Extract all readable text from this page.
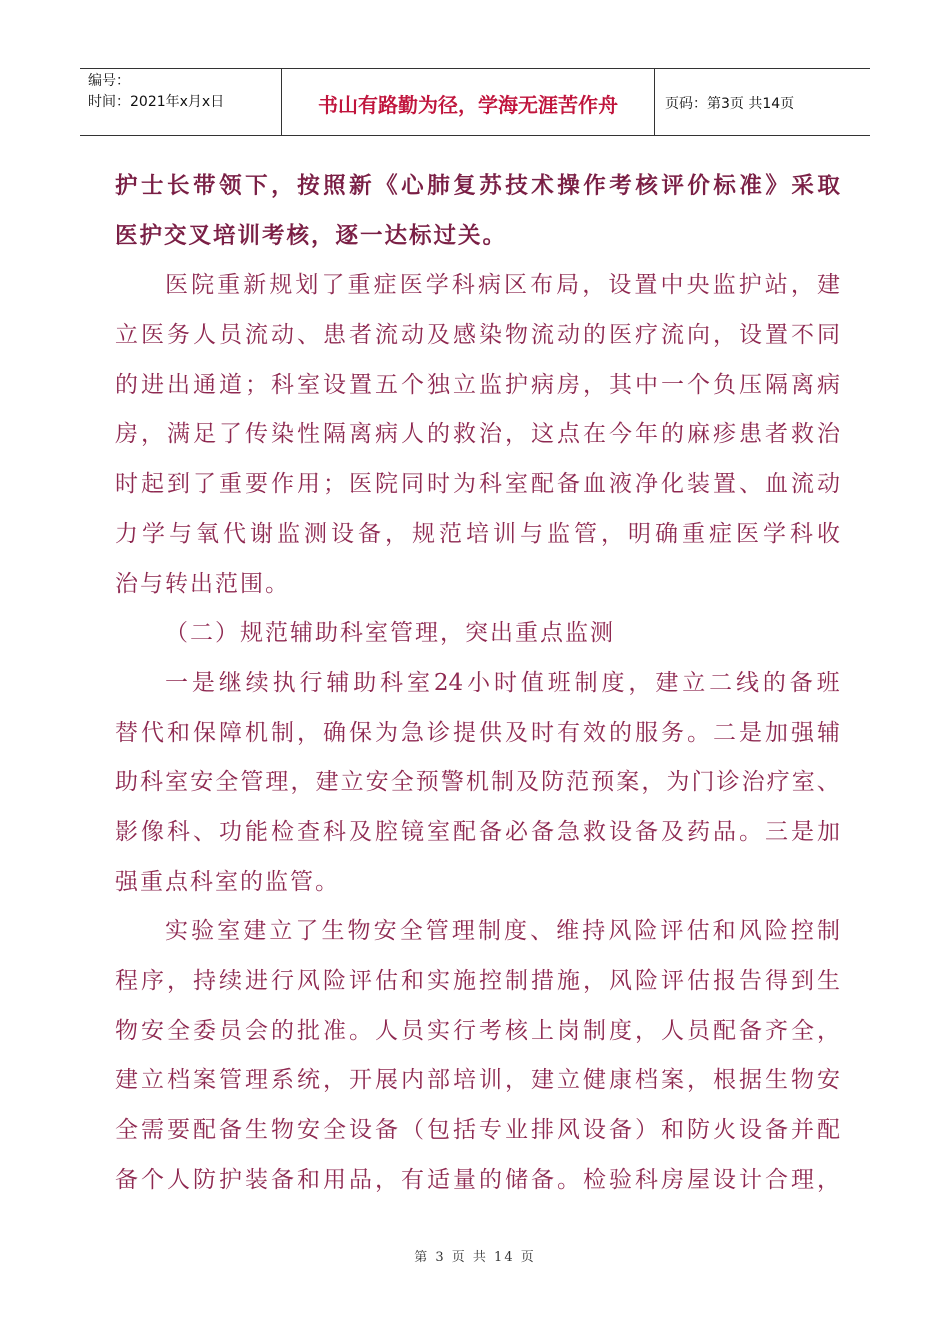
编号：
时间：2021年x月x日	书山有路勤为径，学海无涯苦作舟	页码：第3页 共14页
护 士 长 带 领 下 ， 按 照 新 《 心 肺 复 苏 技 术 操 作 考 核 评 价 标 准 》 采 取
医护交叉培训考核，逐一达标过关。
医 院 重 新 规 划 了 重 症 医 学 科 病 区 布 局 ， 设 置 中 央 监 护 站 ， 建
立 医 务 人 员 流 动 、 患 者 流 动 及 感 染 物 流 动 的 医 疗 流 向 ， 设 置 不 同
的 进 出 通 道 ； 科 室 设 置 五 个 独 立 监 护 病 房 ， 其 中 一 个 负 压 隔 离 病
房 ， 满 足 了 传 染 性 隔 离 病 人 的 救 治 ， 这 点 在 今 年 的 麻 疹 患 者 救 治
时 起 到 了 重 要 作 用 ； 医 院 同 时 为 科 室 配 备 血 液 净 化 装 置 、 血 流 动
力 学 与 氧 代 谢 监 测 设 备 ， 规 范 培 训 与 监 管 ， 明 确 重 症 医 学 科 收
治与转出范围。
（二）规范辅助科室管理，突出重点监测
一 是 继 续 执 行 辅 助 科 室 24 小 时 值 班 制 度 ， 建 立 二 线 的 备 班
替 代 和 保 障 机 制 ， 确 保 为 急 诊 提 供 及 时 有 效 的 服 务 。 二 是 加 强 辅
助 科 室 安 全 管 理 ， 建 立 安 全 预 警 机 制 及 防 范 预 案 ， 为 门 诊 治 疗 室 、
影 像 科 、 功 能 检 查 科 及 腔 镜 室 配 备 必 备 急 救 设 备 及 药 品 。 三 是 加
强重点科室的监管。
实 验 室 建 立 了 生 物 安 全 管 理 制 度 、 维 持 风 险 评 估 和 风 险 控 制
程 序 ， 持 续 进 行 风 险 评 估 和 实 施 控 制 措 施 ， 风 险 评 估 报 告 得 到 生
物 安 全 委 员 会 的 批 准 。 人 员 实 行 考 核 上 岗 制 度 ， 人 员 配 备 齐 全 ，
建 立 档 案 管 理 系 统 ， 开 展 内 部 培 训 ， 建 立 健 康 档 案 ， 根 据 生 物 安
全 需 要 配 备 生 物 安 全 设 备 （ 包 括 专 业 排 风 设 备 ） 和 防 火 设 备 并 配
备 个 人 防 护 装 备 和 用 品 ， 有 适 量 的 储 备 。 检 验 科 房 屋 设 计 合 理 ，
第 3 页 共 14 页
